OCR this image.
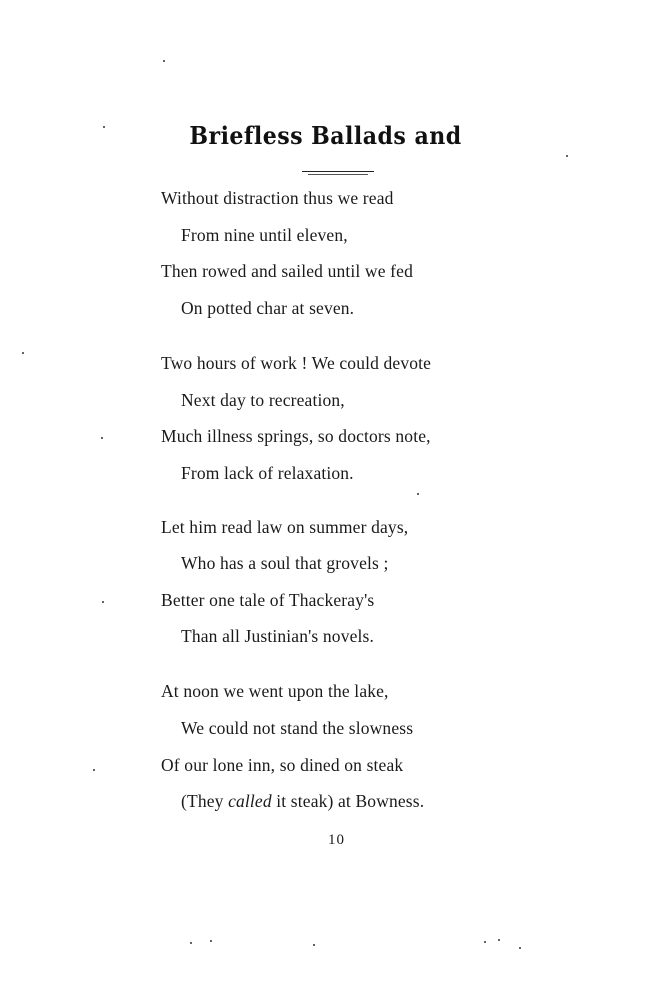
Briefless Ballads and
Without distraction thus we read
From nine until eleven,
Then rowed and sailed until we fed
On potted char at seven.
Two hours of work ! We could devote
Next day to recreation,
Much illness springs, so doctors note,
From lack of relaxation.
Let him read law on summer days,
Who has a soul that grovels ;
Better one tale of Thackeray's
Than all Justinian's novels.
At noon we went upon the lake,
We could not stand the slowness
Of our lone inn, so dined on steak
(They called it steak) at Bowness.
10
